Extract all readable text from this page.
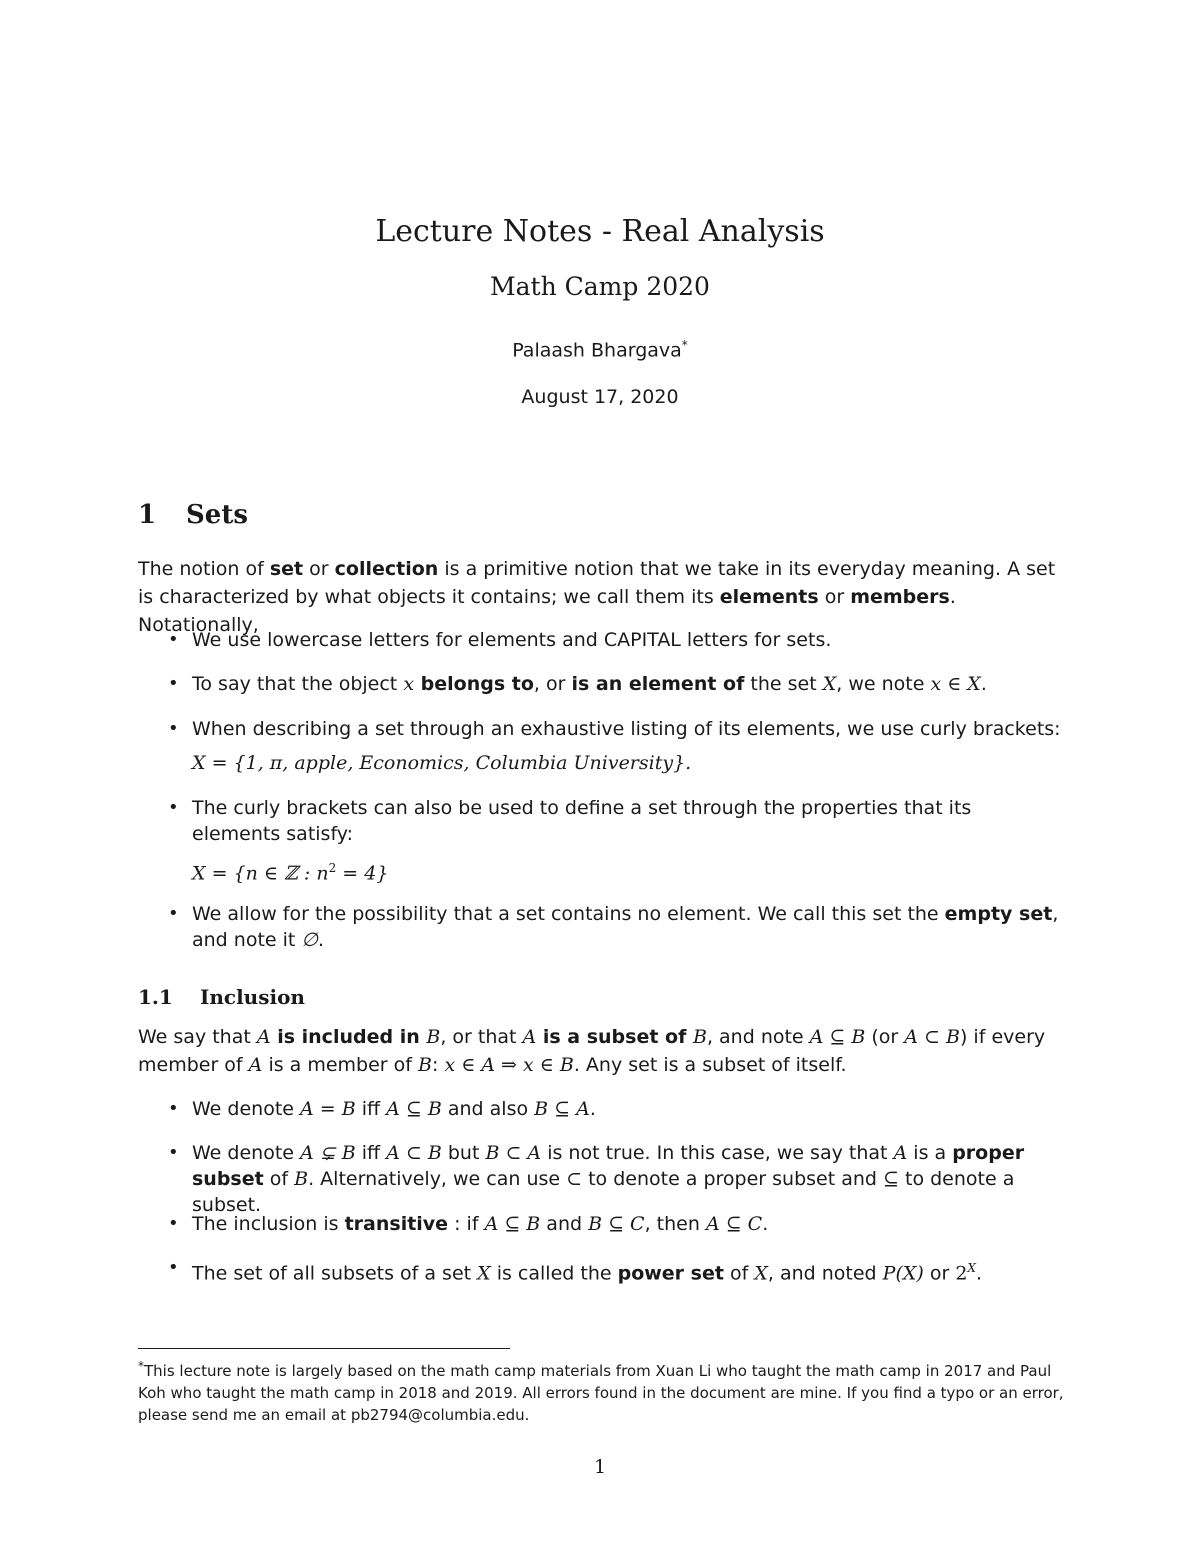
Lecture Notes - Real Analysis
Math Camp 2020
Palaash Bhargava*
August 17, 2020
1 Sets
The notion of set or collection is a primitive notion that we take in its everyday meaning. A set is characterized by what objects it contains; we call them its elements or members. Notationally,
• We use lowercase letters for elements and CAPITAL letters for sets.
• To say that the object x belongs to, or is an element of the set X, we note x ∈ X.
• When describing a set through an exhaustive listing of its elements, we use curly brackets:
X = {1, π, apple, Economics, Columbia University}.
• The curly brackets can also be used to define a set through the properties that its elements satisfy:
X = {n ∈ ℤ : $n^2 = 4$}
• We allow for the possibility that a set contains no element. We call this set the empty set, and note it ∅.
1.1 Inclusion
We say that A is included in B, or that A is a subset of B, and note A ⊆ B (or A ⊂ B) if every member of A is a member of B: x ∈ A ⇒ x ∈ B. Any set is a subset of itself.
• We denote A = B iff A ⊆ B and also B ⊆ A.
• We denote A ⊊ B iff A ⊂ B but B ⊂ A is not true. In this case, we say that A is a proper subset of B. Alternatively, we can use ⊂ to denote a proper subset and ⊆ to denote a subset.
• The inclusion is transitive : if A ⊆ B and B ⊆ C, then A ⊆ C.
• The set of all subsets of a set X is called the power set of X, and noted P(X) or $2^X$.
*This lecture note is largely based on the math camp materials from Xuan Li who taught the math camp in 2017 and Paul Koh who taught the math camp in 2018 and 2019. All errors found in the document are mine. If you find a typo or an error, please send me an email at pb2794@columbia.edu.
1
